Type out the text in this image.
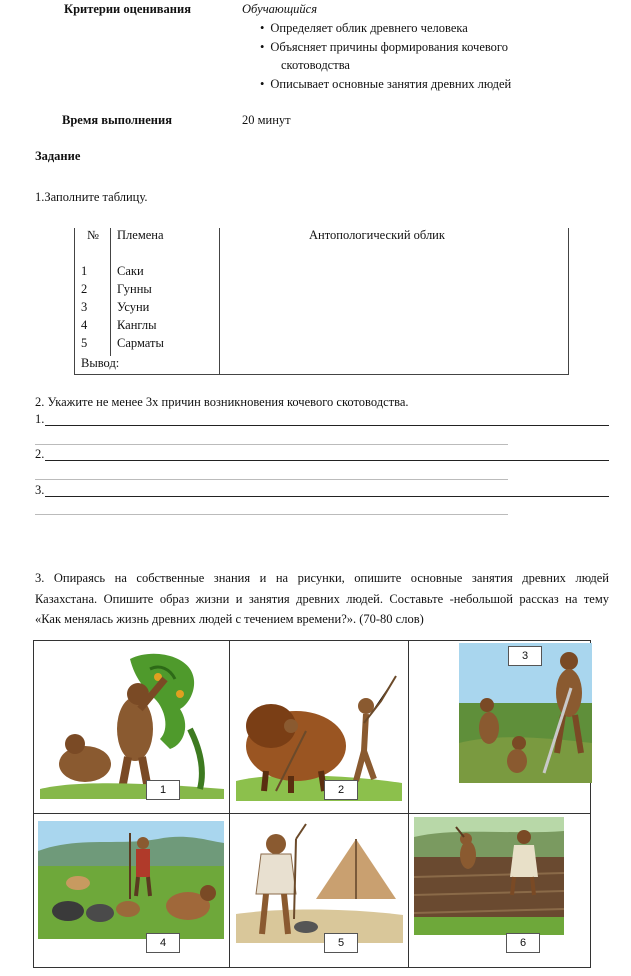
Критерии оценивания	Обучающийся
• Определяет облик древнего человека
• Объясняет причины формирования кочевого
скотоводства
• Описывает основные занятия древних людей
Время выполнения	20 минут
Задание
1.Заполните таблицу.
№	Племена	Антопологический облик

1	Саки	
2	Гунны	
3	Усуни	
4	Канглы	
5	Сарматы	
Вывод:		
2. Укажите не менее 3х причин возникновения кочевого скотоводства.
1.
2.
3.
3. Опираясь на собственные знания и на рисунки, опишите основные занятия древних людей
Казахстана. Опишите образ жизни и занятия древних людей. Составьте -небольшой рассказ на тему
«Как менялась жизнь древних людей с течением времени?». (70-80 слов)
1	2
3
4	5	6
